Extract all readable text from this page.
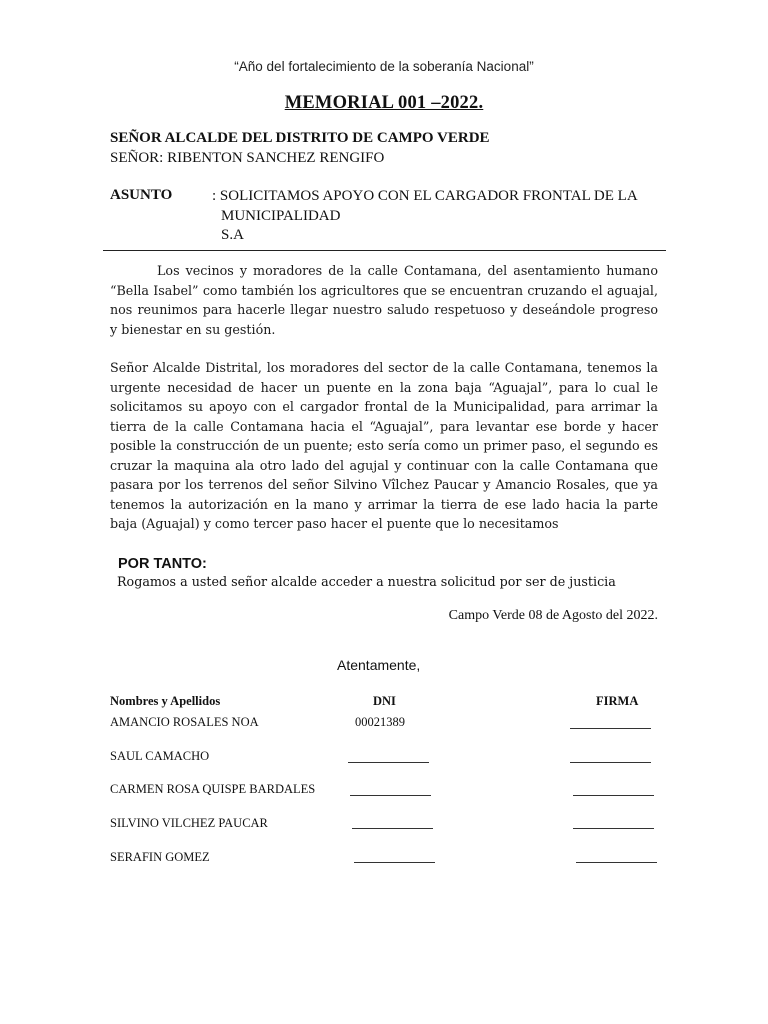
“Año del fortalecimiento de la soberanía Nacional”
MEMORIAL 001 –2022.
SEÑOR ALCALDE DEL DISTRITO DE CAMPO VERDE
SEÑOR: RIBENTON SANCHEZ RENGIFO
ASUNTO	: SOLICITAMOS APOYO CON EL CARGADOR FRONTAL DE LA
MUNICIPALIDAD
S.A
Los vecinos y moradores de la calle Contamana, del asentamiento humano “Bella Isabel” como también los agricultores que se encuentran cruzando el aguajal, nos reunimos para hacerle llegar nuestro saludo respetuoso y deseándole progreso y bienestar en su gestión.
Señor Alcalde Distrital, los moradores del sector de la calle Contamana, tenemos la urgente necesidad de hacer un puente en la zona baja “Aguajal”, para lo cual le solicitamos su apoyo con el cargador frontal de la Municipalidad, para arrimar la tierra de la calle Contamana hacia el “Aguajal”, para levantar ese borde y hacer posible la construcción de un puente; esto sería como un primer paso, el segundo es cruzar la maquina ala otro lado del agujal y continuar con la calle Contamana que pasara por los terrenos del señor Silvino Vîlchez Paucar y Amancio Rosales, que ya tenemos la autorización en la mano y arrimar la tierra de ese lado hacia la parte baja (Aguajal) y como tercer paso hacer el puente que lo necesitamos
POR TANTO:
Rogamos a usted señor alcalde acceder a nuestra solicitud por ser de justicia
Campo Verde 08 de Agosto del 2022.
Atentamente,
Nombres y Apellidos	DNI	FIRMA
AMANCIO ROSALES NOA	00021389
SAUL CAMACHO
CARMEN ROSA QUISPE BARDALES
SILVINO VILCHEZ PAUCAR
SERAFIN GOMEZ
